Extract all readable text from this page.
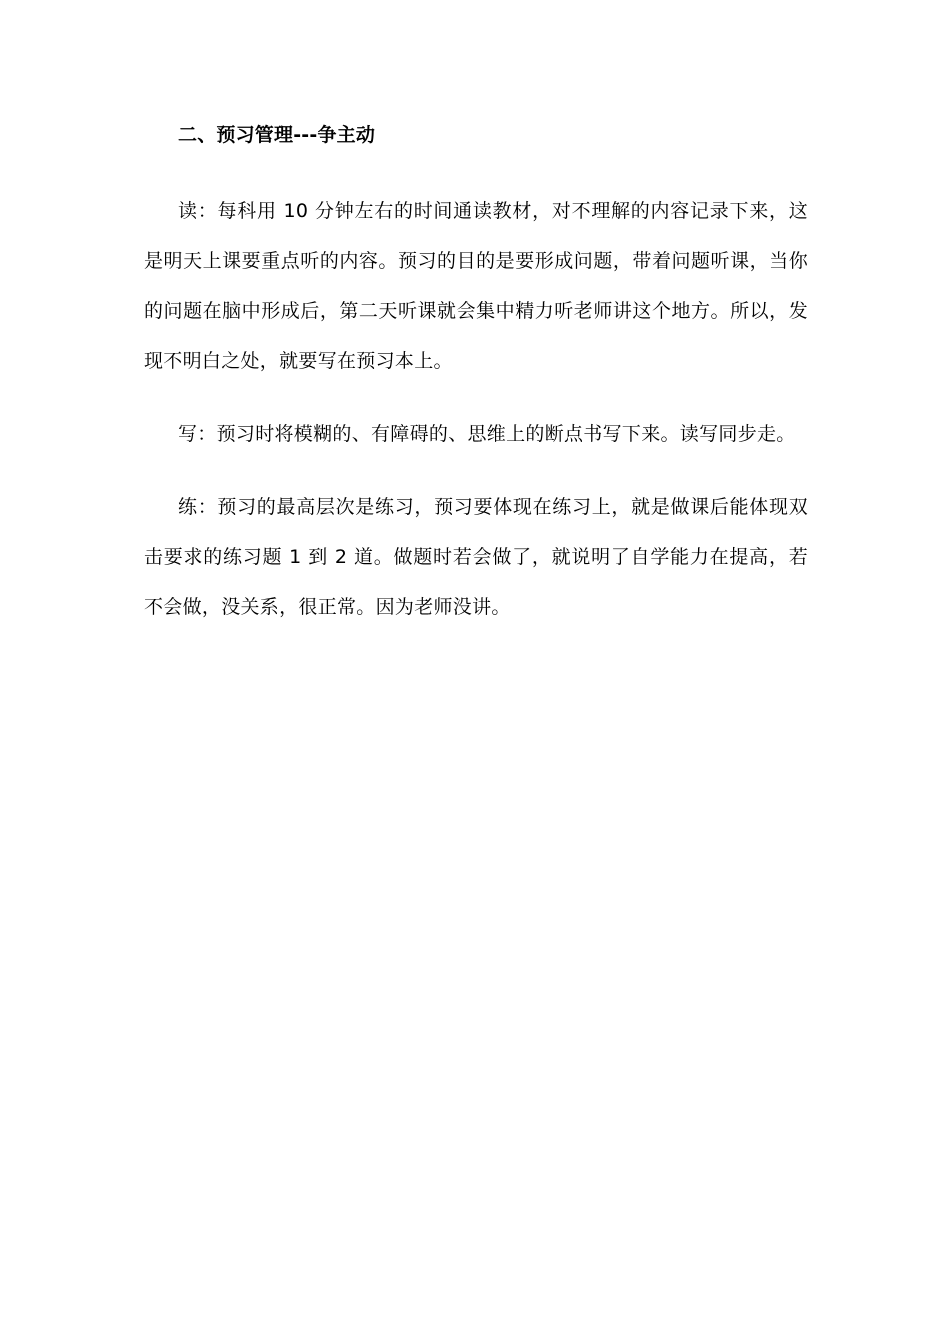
二、预习管理---争主动

读：每科用 10 分钟左右的时间通读教材，对不理解的内容记录下来，这是明天上课要重点听的内容。预习的目的是要形成问题，带着问题听课，当你的问题在脑中形成后，第二天听课就会集中精力听老师讲这个地方。所以，发现不明白之处，就要写在预习本上。

写：预习时将模糊的、有障碍的、思维上的断点书写下来。读写同步走。

练：预习的最高层次是练习，预习要体现在练习上，就是做课后能体现双击要求的练习题 1 到 2 道。做题时若会做了，就说明了自学能力在提高，若不会做，没关系，很正常。因为老师没讲。
